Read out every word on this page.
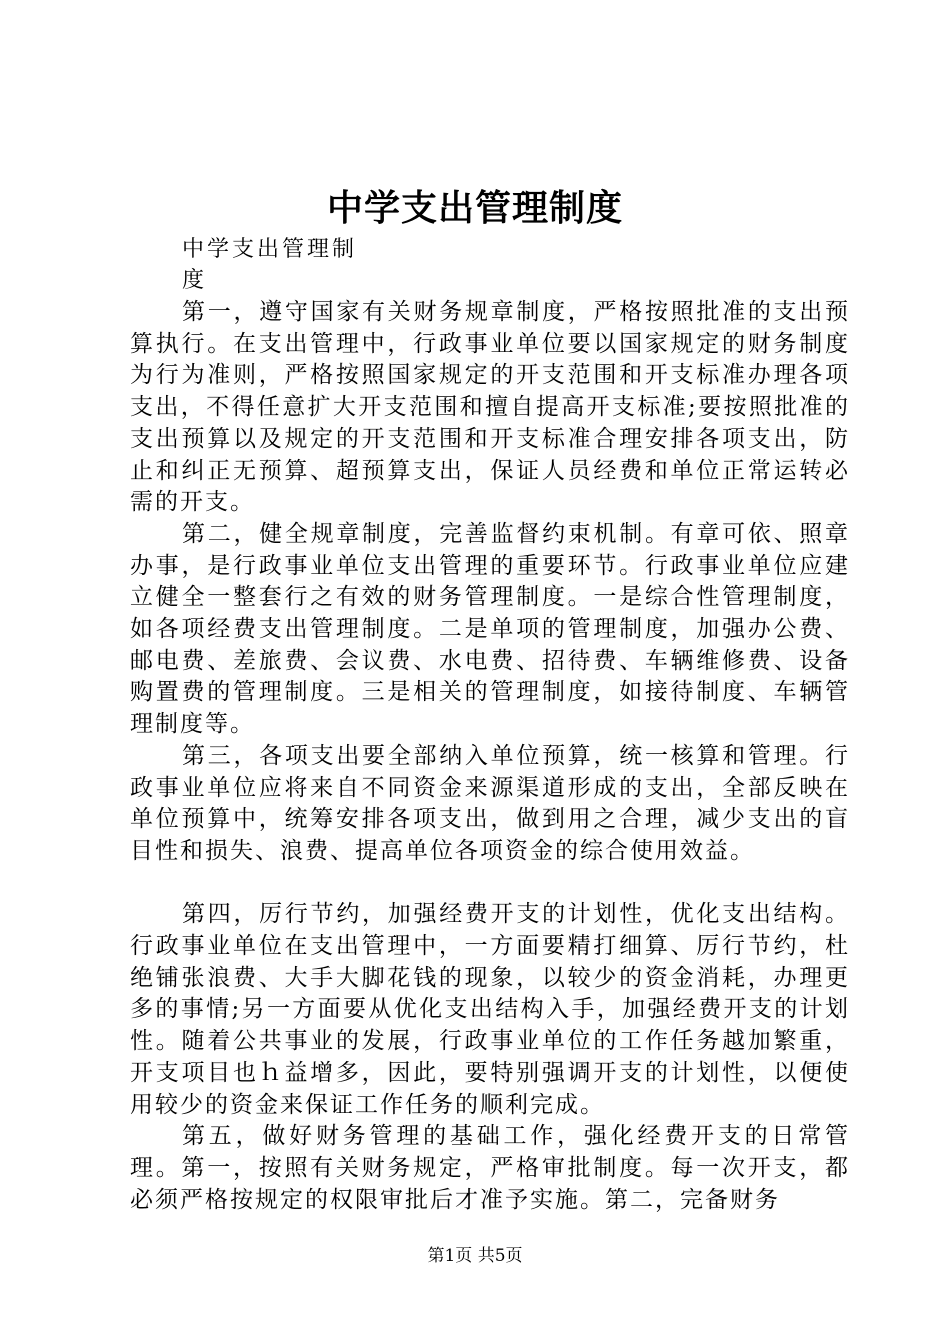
中学支出管理制度
中学支出管理制
度

第一，遵守国家有关财务规章制度，严格按照批准的支出预算执行。在支出管理中，行政事业单位要以国家规定的财务制度为行为准则，严格按照国家规定的开支范围和开支标准办理各项支出，不得任意扩大开支范围和擅自提高开支标准;要按照批准的支出预算以及规定的开支范围和开支标准合理安排各项支出，防止和纠正无预算、超预算支出，保证人员经费和单位正常运转必需的开支。

第二，健全规章制度，完善监督约束机制。有章可依、照章办事，是行政事业单位支出管理的重要环节。行政事业单位应建立健全一整套行之有效的财务管理制度。一是综合性管理制度，如各项经费支出管理制度。二是单项的管理制度，加强办公费、邮电费、差旅费、会议费、水电费、招待费、车辆维修费、设备购置费的管理制度。三是相关的管理制度，如接待制度、车辆管理制度等。

第三，各项支出要全部纳入单位预算，统一核算和管理。行政事业单位应将来自不同资金来源渠道形成的支出，全部反映在单位预算中，统筹安排各项支出，做到用之合理，减少支出的盲目性和损失、浪费、提高单位各项资金的综合使用效益。

第四，厉行节约，加强经费开支的计划性，优化支出结构。行政事业单位在支出管理中，一方面要精打细算、厉行节约，杜绝铺张浪费、大手大脚花钱的现象，以较少的资金消耗，办理更多的事情;另一方面要从优化支出结构入手，加强经费开支的计划性。随着公共事业的发展，行政事业单位的工作任务越加繁重，开支项目也ｈ益增多，因此，要特别强调开支的计划性，以便使用较少的资金来保证工作任务的顺利完成。

第五，做好财务管理的基础工作，强化经费开支的日常管理。第一，按照有关财务规定，严格审批制度。每一次开支，都必须严格按规定的权限审批后才准予实施。第二，完备财务

第1页 共5页
